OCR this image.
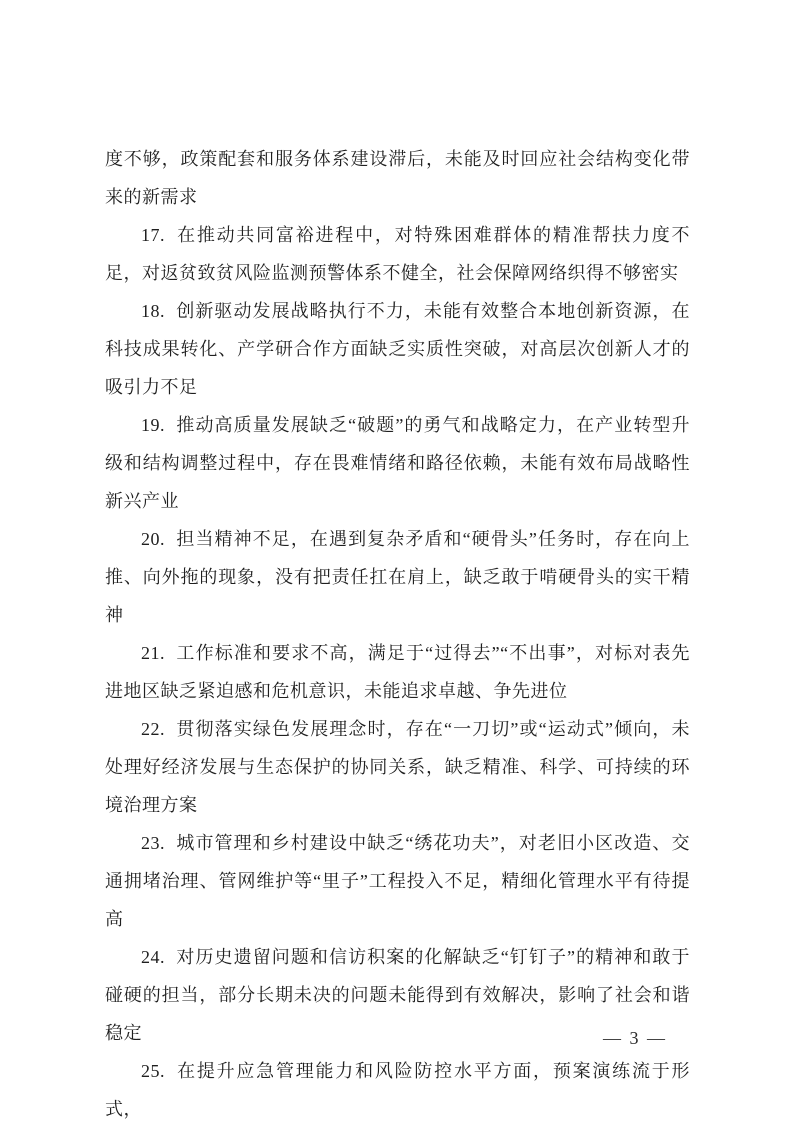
度不够，政策配套和服务体系建设滞后，未能及时回应社会结构变化带来的新需求

17. 在推动共同富裕进程中，对特殊困难群体的精准帮扶力度不足，对返贫致贫风险监测预警体系不健全，社会保障网络织得不够密实

18. 创新驱动发展战略执行不力，未能有效整合本地创新资源，在科技成果转化、产学研合作方面缺乏实质性突破，对高层次创新人才的吸引力不足

19. 推动高质量发展缺乏“破题”的勇气和战略定力，在产业转型升级和结构调整过程中，存在畏难情绪和路径依赖，未能有效布局战略性新兴产业

20. 担当精神不足，在遇到复杂矛盾和“硬骨头”任务时，存在向上推、向外拖的现象，没有把责任扛在肩上，缺乏敢于啃硬骨头的实干精神

21. 工作标准和要求不高，满足于“过得去”“不出事”，对标对表先进地区缺乏紧迫感和危机意识，未能追求卓越、争先进位

22. 贯彻落实绿色发展理念时，存在“一刀切”或“运动式”倾向，未处理好经济发展与生态保护的协同关系，缺乏精准、科学、可持续的环境治理方案

23. 城市管理和乡村建设中缺乏“绣花功夫”，对老旧小区改造、交通拥堵治理、管网维护等“里子”工程投入不足，精细化管理水平有待提高

24. 对历史遗留问题和信访积案的化解缺乏“钉钉子”的精神和敢于碰硬的担当，部分长期未决的问题未能得到有效解决，影响了社会和谐稳定

25. 在提升应急管理能力和风险防控水平方面，预案演练流于形式，

— 3 —
